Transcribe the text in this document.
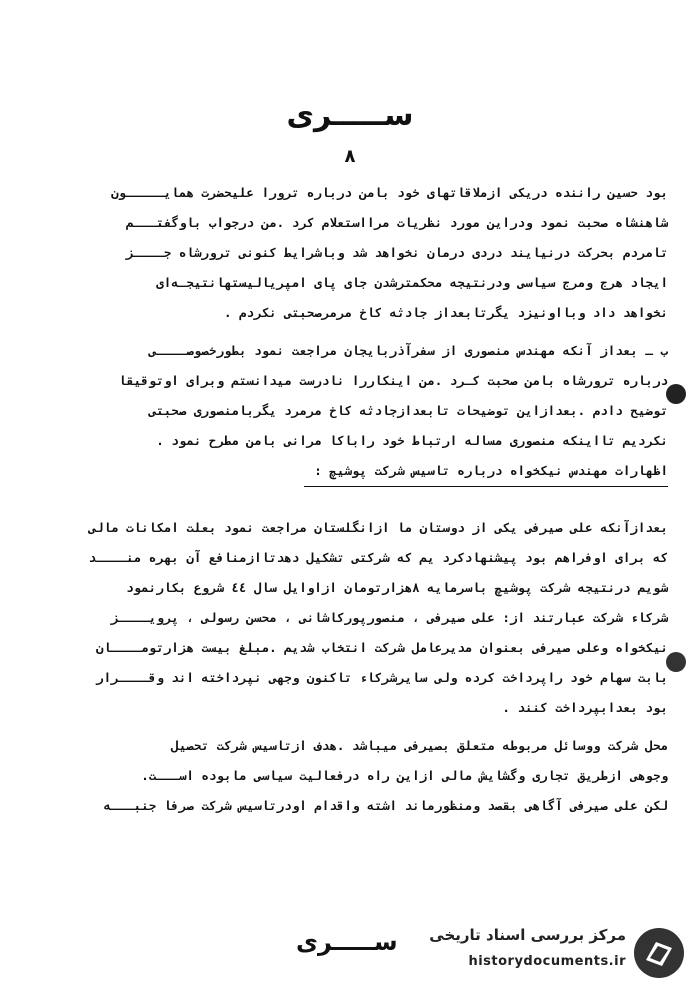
ســـــرى
۸
بود حسین راننده دریکی ازملاقاتهای خود بامن درباره ترورا علیحضرت همایـــــون
شاهنشاه صحبت نمود ودراین مورد نظریات مرااستعلام کرد .من درجواب باوگفتـــم
تامردم بحرکت درنیایند دردی درمان نخواهد شد وباشرایط کنونی ترورشاه جــــز
ایجاد هرج ومرج سیاسی ودرنتیجه محکمترشدن جای پای امپریالیستهانتیجـه‌ای
نخواهد داد وبااونیزد یگرتابعداز جادثه کاخ مرمرصحبتی نکردم .
ب ـ بعداز آنکه مهندس منصوری از سفرآذربایجان مراجعت نمود بطورخصوصــــی
درباره ترورشاه بامن صحبت کـرد .من اینکاررا نادرست میدانستم وبرای اوتوقیقا
توضیح دادم .بعدازاین توضیحات تابعدازجادثه کاخ مرمرد یگربامنصوری صحبتی
نکردیم تااینکه منصوری مساله ارتباط خود راباکا مرانی بامن مطرح نمود .
اظهارات مهندس نیکخواه درباره تاسیس شرکت پوشیچ :
بعدازآنکه علی صیرفی یکی از دوستان ما ازانگلستان مراجعت نمود بعلت امکانات مالی
که برای اوفراهم بود پیشنهادکرد یم که شرکتی تشکیل دهدتاازمنافع آن بهره منــــد
شویم درنتیجه شرکت پوشیچ باسرمایه ۸هزارتومان ازاوایل سال ٤٤ شروع بکارنمود
شرکاء شرکت عبارتند از: علی صیرفی ، منصورپورکاشانی ، محسن رسولی ، پرویــــز
نیکخواه وعلی صیرفی بعنوان مدیرعامل شرکت انتخاب شدیم .مبلغ بیست هزارتومــــان
بابت سهام خود راپرداخت کرده ولی سایرشرکاء تاکنون وجهی نپرداخته اند وقــــرار
بود بعدابپرداخت کنند .
محل شرکت ووسائل مربوطه متعلق بصیرفی میباشد .هدف ازتاسیس شرکت تحصیل
وجوهی ازطریق تجاری وگشایش مالی ازاین راه درفعالیت سیاسی مابوده اســـت.
لکن علی صیرفی آگاهی بقصد ومنظورماند اشته واقدام اودرتاسیس شرکت صرفا جنبـــه
ســـــرى مرکز بررسی اسناد تاریخی
historydocuments.ir
